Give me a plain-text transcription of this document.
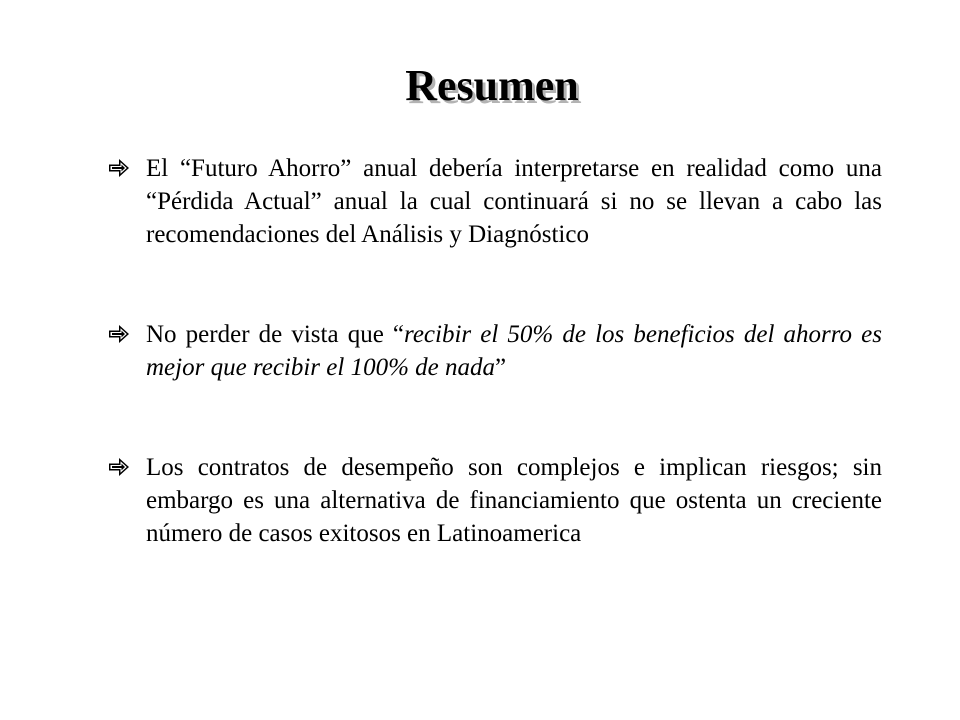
Resumen
El “Futuro Ahorro” anual debería interpretarse en realidad como una “Pérdida Actual” anual la cual continuará si no se llevan a cabo las recomendaciones del Análisis y Diagnóstico
No perder de vista que “recibir el 50% de los beneficios del ahorro es mejor que recibir el 100% de nada”
Los contratos de desempeño son complejos e implican riesgos; sin embargo es una alternativa de financiamiento que ostenta un creciente número de casos exitosos en Latinoamerica
